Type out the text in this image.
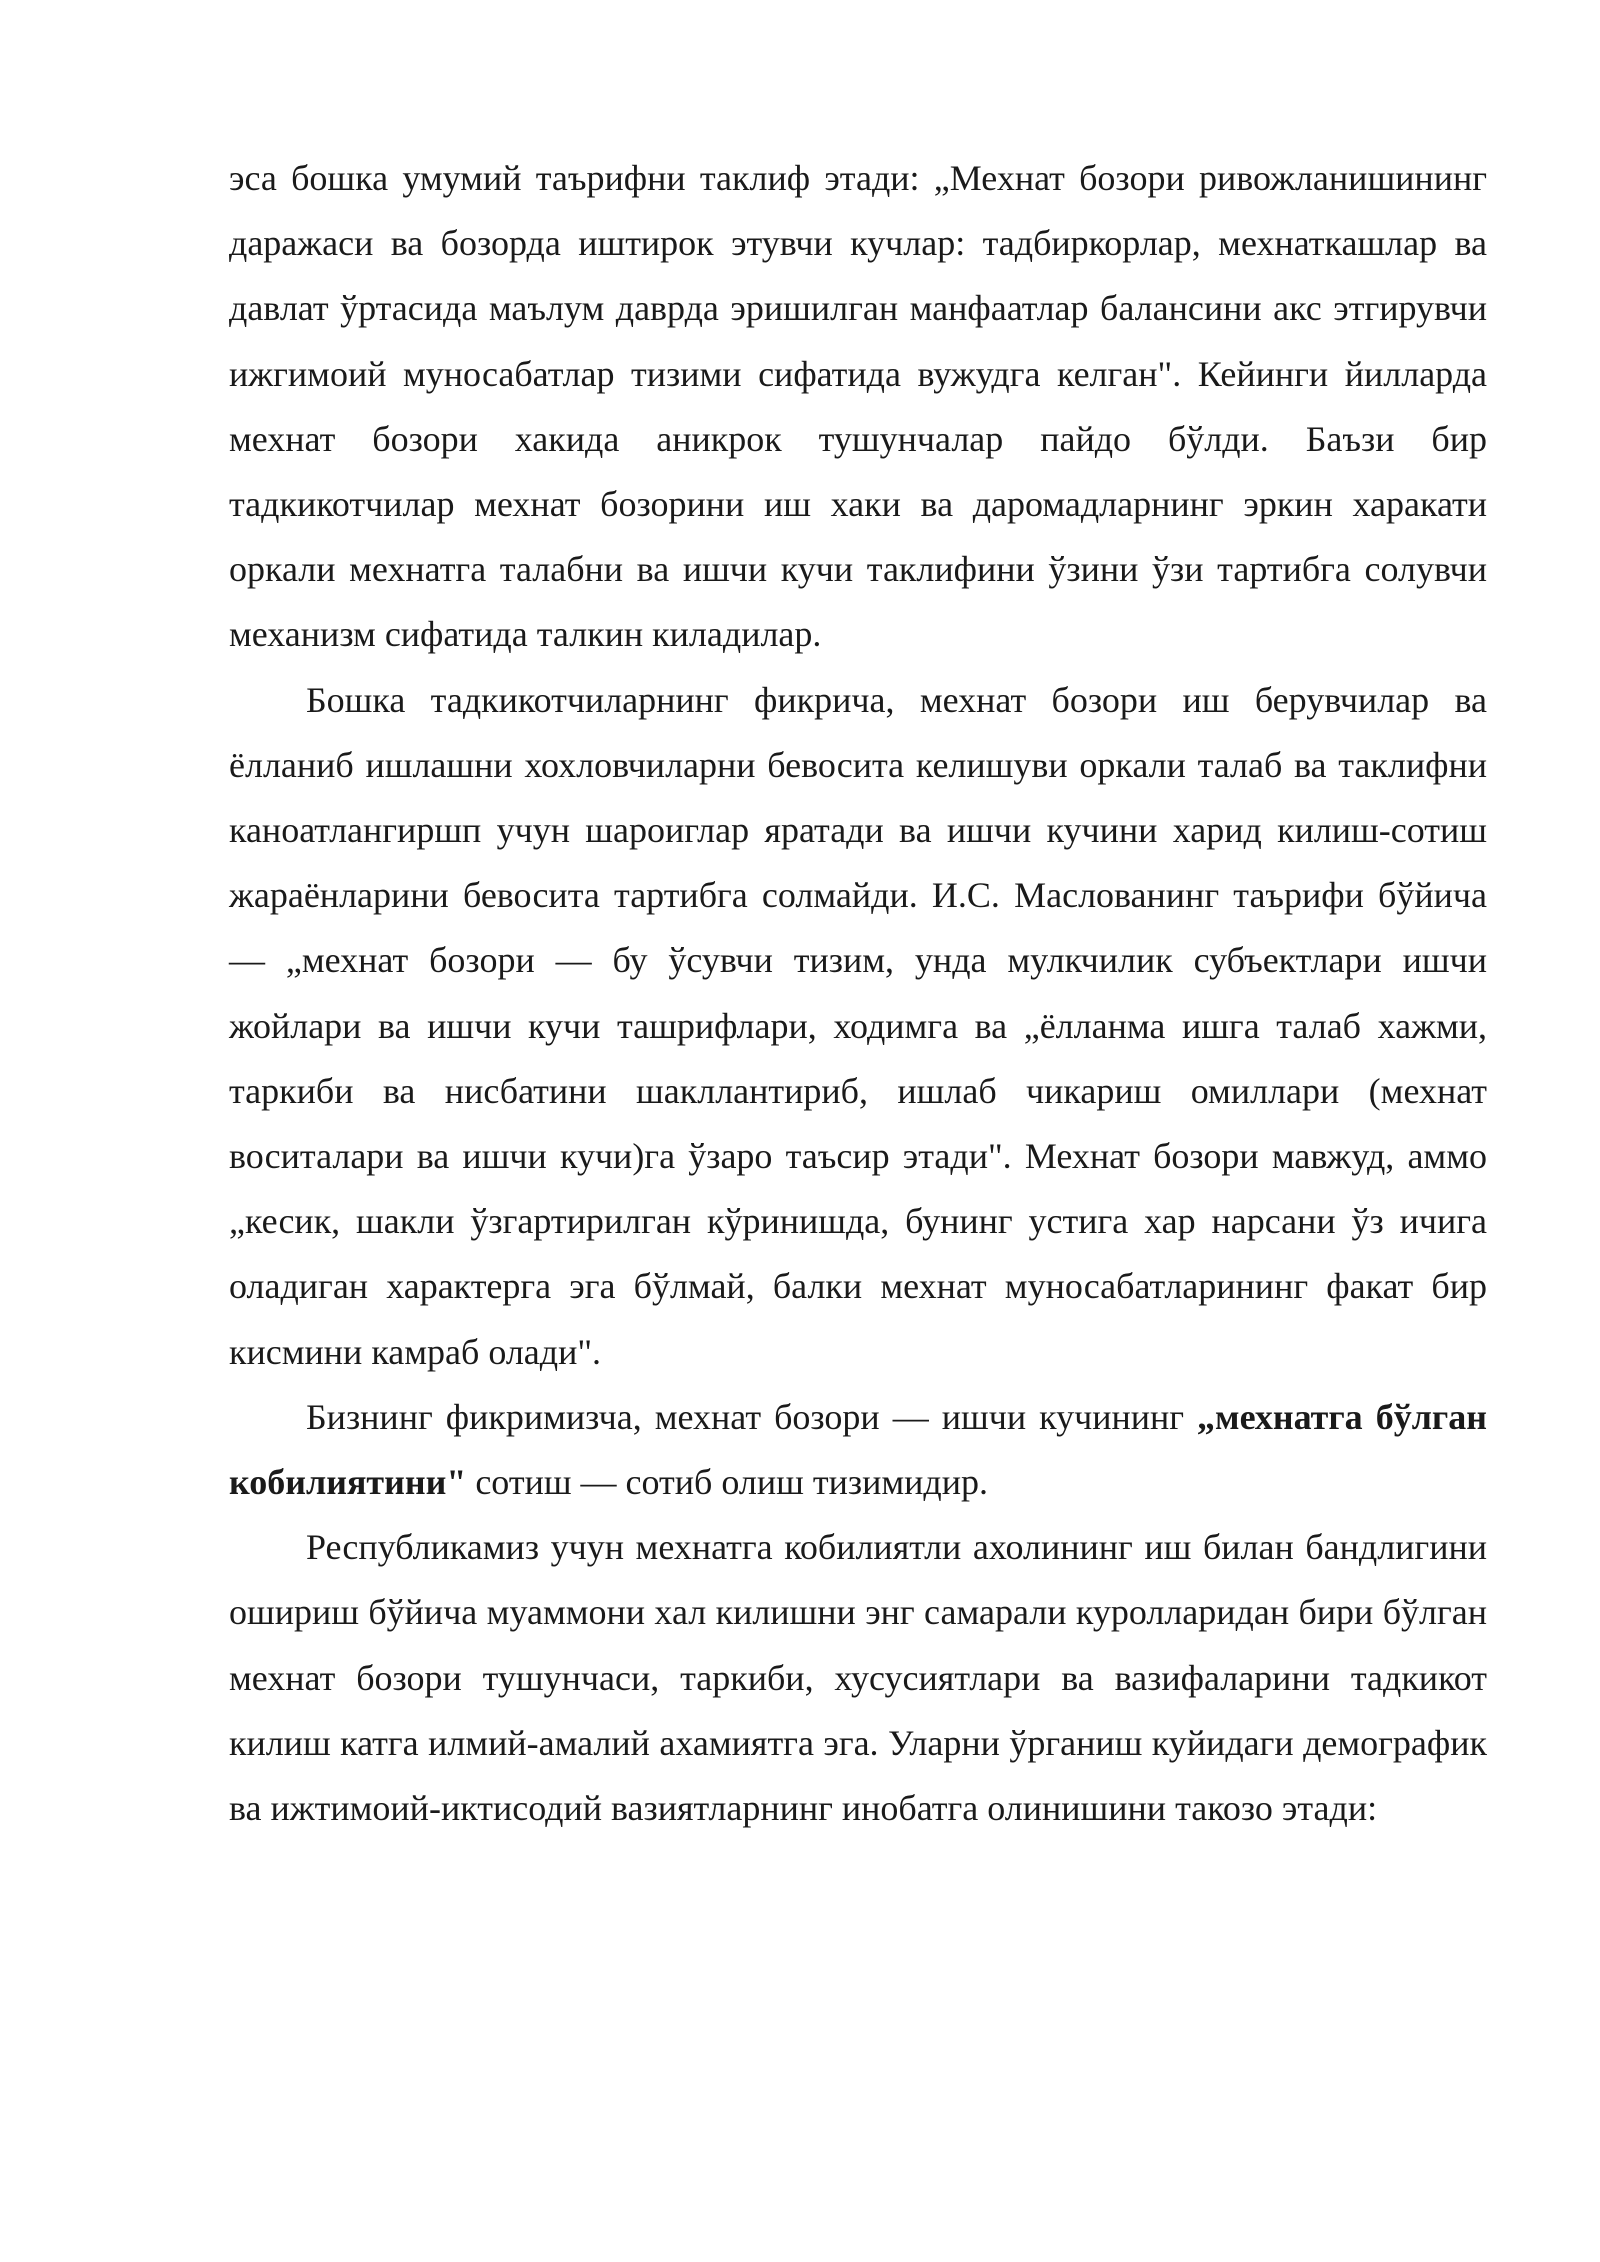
эса бошка умумий таърифни таклиф этади: „Мехнат бозори ривожланишининг даражаси ва бозорда иштирок этувчи кучлар: тадбиркорлар, мехнаткашлар ва давлат ўртасида маълум даврда эришилган манфаатлар балансини акс этгирувчи ижгимоий муносабатлар тизими сифатида вужудга келган". Кейинги йилларда мехнат бозори хакида аникрок тушунчалар пайдо бўлди. Баъзи бир тадкикотчилар мехнат бозорини иш хаки ва даромадларнинг эркин харакати оркали мехнатга талабни ва ишчи кучи таклифини ўзини ўзи тартибга солувчи механизм сифатида талкин киладилар.

Бошка тадкикотчиларнинг фикрича, мехнат бозори иш берувчилар ва ёлланиб ишлашни хохловчиларни бевосита келишуви оркали талаб ва таклифни каноатлангиршп учун шароиглар яратади ва ишчи кучини харид килиш-сотиш жараёнларини бевосита тартибга солмайди. И.С. Маслованинг таърифи бўйича — „мехнат бозори — бу ўсувчи тизим, унда мулкчилик субъектлари ишчи жойлари ва ишчи кучи ташрифлари, ходимга ва „ёлланма ишга талаб хажми, таркиби ва нисбатини шакллантириб, ишлаб чикариш омиллари (мехнат воситалари ва ишчи кучи)га ўзаро таъсир этади". Мехнат бозори мавжуд, аммо „кесик, шакли ўзгартирилган кўринишда, бунинг устига хар нарсани ўз ичига оладиган характерга эга бўлмай, балки мехнат муносабатларининг факат бир кисмини камраб олади".

Бизнинг фикримизча, мехнат бозори — ишчи кучининг „мехнатга бўлган кобилиятини" сотиш — сотиб олиш тизимидир.

Республикамиз учун мехнатга кобилиятли ахолининг иш билан бандлигини ошириш бўйича муаммони хал килишни энг самарали куролларидан бири бўлган мехнат бозори тушунчаси, таркиби, хусусиятлари ва вазифаларини тадкикот килиш катга илмий-амалий ахамиятга эга. Уларни ўрганиш куйидаги демографик ва ижтимоий-иктисодий вазиятларнинг инобатга олинишини такозо этади:
